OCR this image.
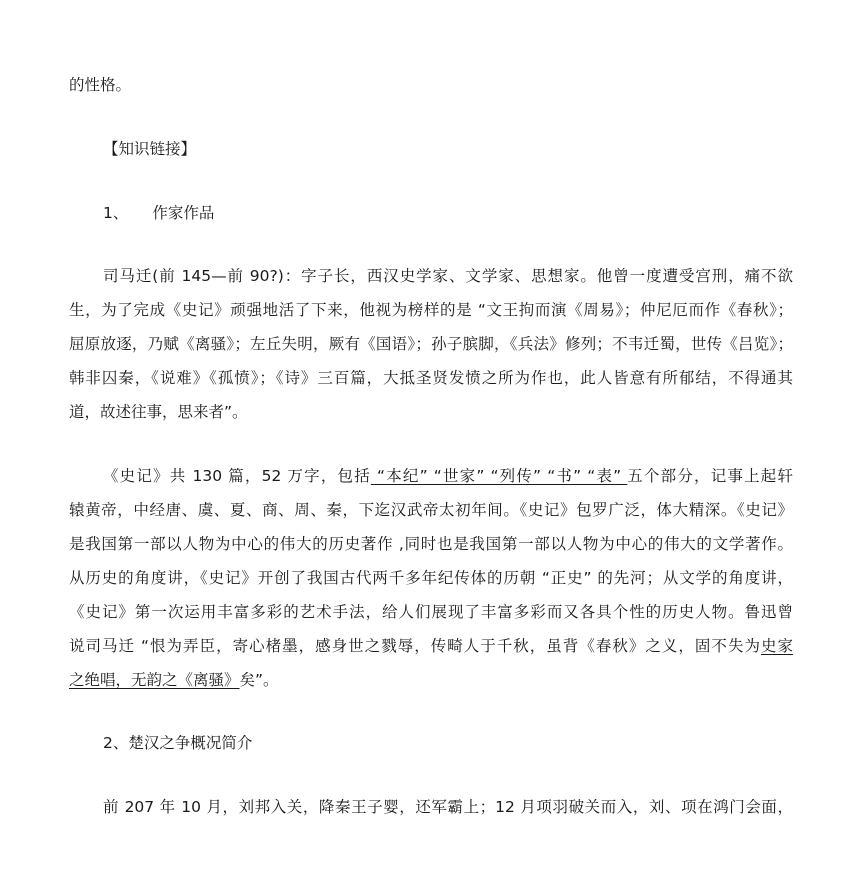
的性格。
【知识链接】
1、 作家作品
司马迁(前 145—前 90?)：字子长，西汉史学家、文学家、思想家。他曾一度遭受宫刑，痛不欲
生，为了完成《史记》顽强地活了下来，他视为榜样的是 “文王拘而演《周易》；仲尼厄而作《春秋》；
屈原放逐，乃赋《离骚》；左丘失明，厥有《国语》；孙子膑脚，《兵法》修列；不韦迁蜀，世传《吕览》；
韩非囚秦，《说难》《孤愤》；《诗》三百篇，大抵圣贤发愤之所为作也，此人皆意有所郁结，不得通其
道，故述往事，思来者”。
《史记》共 130 篇，52 万字，包括 “本纪” “世家” “列传” “书” “表” 五个部分，记事上起轩
辕黄帝，中经唐、虞、夏、商、周、秦，下迄汉武帝太初年间。《史记》包罗广泛，体大精深。《史记》
是我国第一部以人物为中心的伟大的历史著作 ,同时也是我国第一部以人物为中心的伟大的文学著作。
从历史的角度讲，《史记》开创了我国古代两千多年纪传体的历朝 “正史” 的先河；从文学的角度讲，
《史记》第一次运用丰富多彩的艺术手法，给人们展现了丰富多彩而又各具个性的历史人物。鲁迅曾
说司马迁 “恨为弄臣，寄心楮墨，感身世之戮辱，传畸人于千秋，虽背《春秋》之义，固不失为史家
之绝唱，无韵之《离骚》矣”。
2、楚汉之争概况简介
前 207 年 10 月，刘邦入关，降秦王子婴，还军霸上；12 月项羽破关而入，刘、项在鸿门会面，
